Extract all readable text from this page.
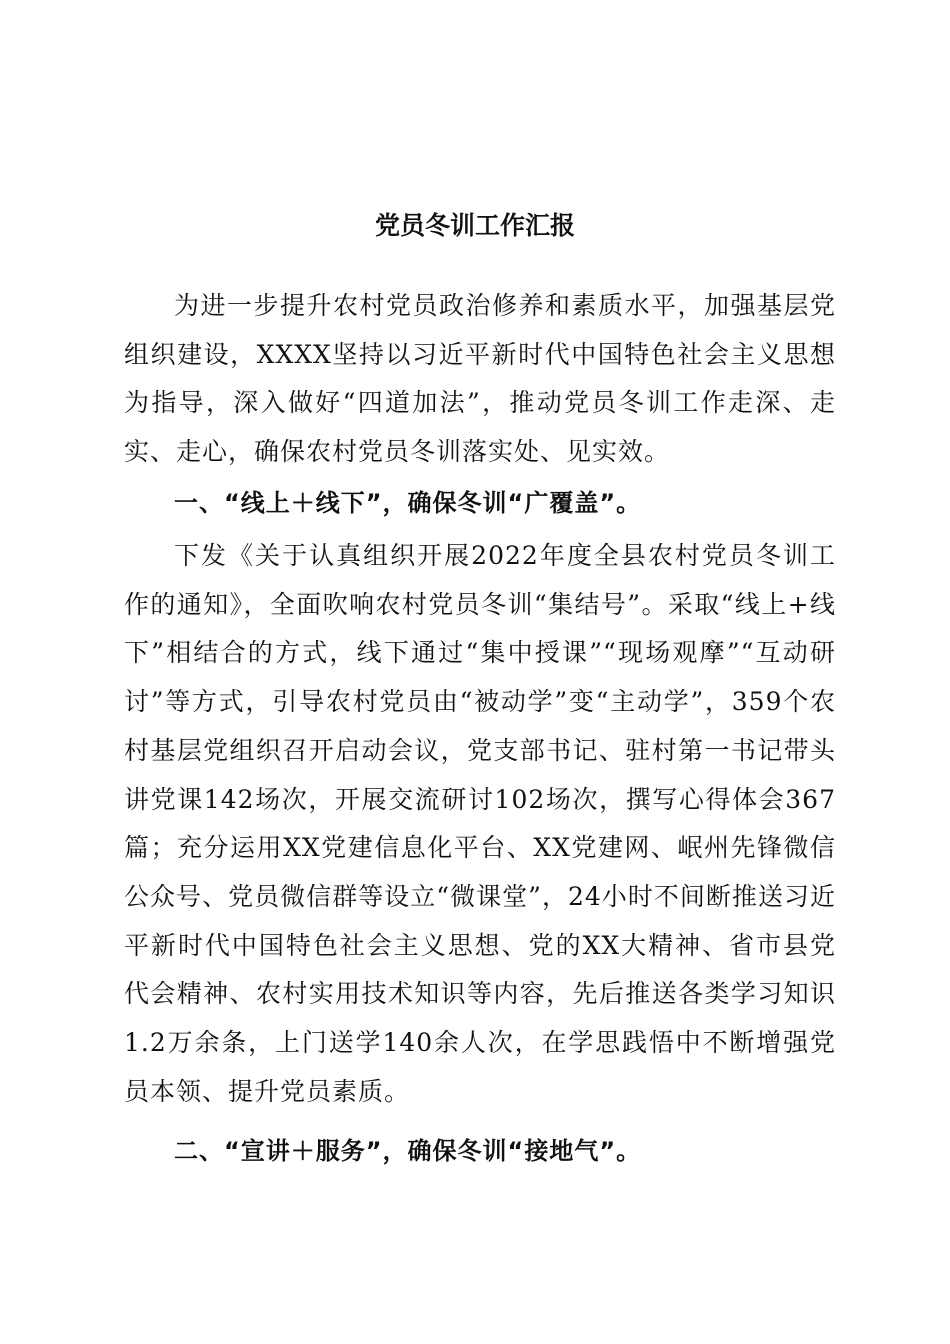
党员冬训工作汇报

为进一步提升农村党员政治修养和素质水平，加强基层党组织建设，XXXX坚持以习近平新时代中国特色社会主义思想为指导，深入做好“四道加法”，推动党员冬训工作走深、走实、走心，确保农村党员冬训落实处、见实效。

一、“线上＋线下”，确保冬训“广覆盖”。

下发《关于认真组织开展2022年度全县农村党员冬训工作的通知》，全面吹响农村党员冬训“集结号”。采取“线上+线下”相结合的方式，线下通过“集中授课”“现场观摩”“互动研讨”等方式，引导农村党员由“被动学”变“主动学”，359个农村基层党组织召开启动会议，党支部书记、驻村第一书记带头讲党课142场次，开展交流研讨102场次，撰写心得体会367篇；充分运用XX党建信息化平台、XX党建网、岷州先锋微信公众号、党员微信群等设立“微课堂”，24小时不间断推送习近平新时代中国特色社会主义思想、党的XX大精神、省市县党代会精神、农村实用技术知识等内容，先后推送各类学习知识1.2万余条，上门送学140余人次，在学思践悟中不断增强党员本领、提升党员素质。

二、“宣讲＋服务”，确保冬训“接地气”。
